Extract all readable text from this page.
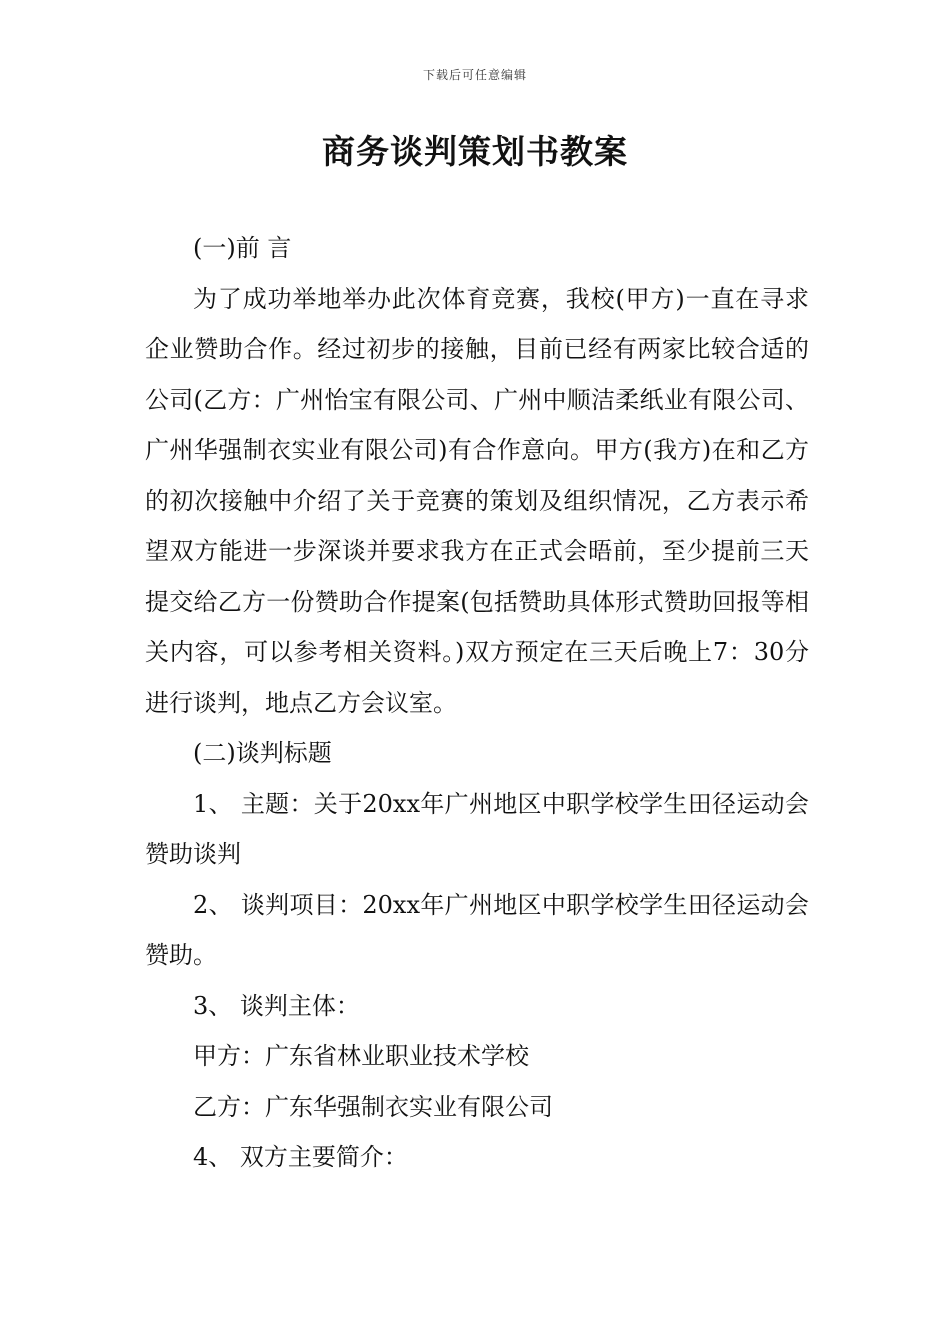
下载后可任意编辑
商务谈判策划书教案

(一)前 言

为了成功举地举办此次体育竞赛，我校(甲方)一直在寻求企业赞助合作。经过初步的接触，目前已经有两家比较合适的公司(乙方：广州怡宝有限公司、广州中顺洁柔纸业有限公司、广州华强制衣实业有限公司)有合作意向。甲方(我方)在和乙方的初次接触中介绍了关于竞赛的策划及组织情况，乙方表示希望双方能进一步深谈并要求我方在正式会晤前，至少提前三天提交给乙方一份赞助合作提案(包括赞助具体形式赞助回报等相关内容，可以参考相关资料。)双方预定在三天后晚上7：30分进行谈判，地点乙方会议室。

(二)谈判标题

1、 主题：关于20xx年广州地区中职学校学生田径运动会赞助谈判

2、 谈判项目：20xx年广州地区中职学校学生田径运动会赞助。

3、 谈判主体：

甲方：广东省林业职业技术学校

乙方：广东华强制衣实业有限公司

4、 双方主要简介：
